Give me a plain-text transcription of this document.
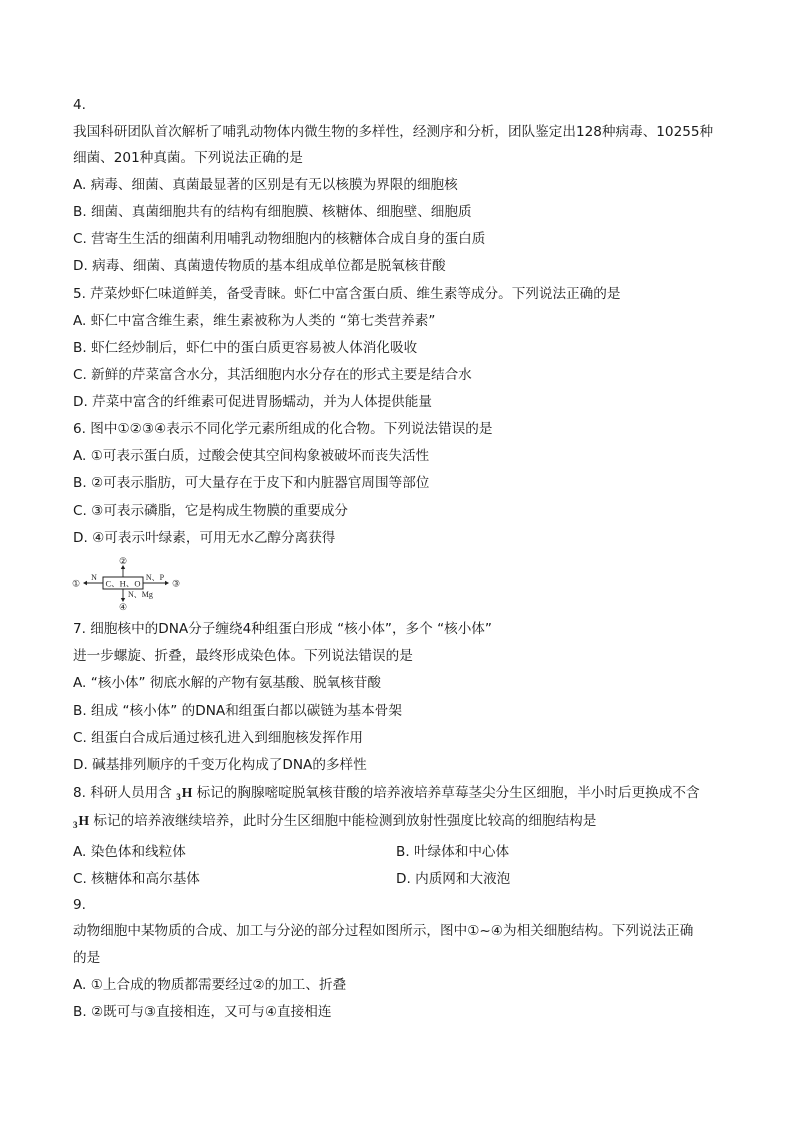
4.
我国科研团队首次解析了哺乳动物体内微生物的多样性，经测序和分析，团队鉴定出128种病毒、10255种
细菌、201种真菌。下列说法正确的是
A. 病毒、细菌、真菌最显著的区别是有无以核膜为界限的细胞核
B. 细菌、真菌细胞共有的结构有细胞膜、核糖体、细胞壁、细胞质
C. 营寄生生活的细菌利用哺乳动物细胞内的核糖体合成自身的蛋白质
D. 病毒、细菌、真菌遗传物质的基本组成单位都是脱氧核苷酸
5. 芹菜炒虾仁味道鲜美，备受青睐。虾仁中富含蛋白质、维生素等成分。下列说法正确的是
A. 虾仁中富含维生素，维生素被称为人类的 “第七类营养素”
B. 虾仁经炒制后，虾仁中的蛋白质更容易被人体消化吸收
C. 新鲜的芹菜富含水分，其活细胞内水分存在的形式主要是结合水
D. 芹菜中富含的纤维素可促进胃肠蠕动，并为人体提供能量
6. 图中①②③④表示不同化学元素所组成的化合物。下列说法错误的是
A. ①可表示蛋白质，过酸会使其空间构象被破坏而丧失活性
B. ②可表示脂肪，可大量存在于皮下和内脏器官周围等部位
C. ③可表示磷脂，它是构成生物膜的重要成分
D. ④可表示叶绿素，可用无水乙醇分离获得
C、H、O
②
N
①
N、P
③
N、Mg
④
7. 细胞核中的DNA分子缠绕4种组蛋白形成 “核小体”，多个 “核小体”
进一步螺旋、折叠，最终形成染色体。下列说法错误的是
A. “核小体” 彻底水解的产物有氨基酸、脱氧核苷酸
B. 组成 “核小体” 的DNA和组蛋白都以碳链为基本骨架
C. 组蛋白合成后通过核孔进入到细胞核发挥作用
D. 碱基排列顺序的千变万化构成了DNA的多样性
8. 科研人员用含 $_3$H 标记的胸腺嘧啶脱氧核苷酸的培养液培养草莓茎尖分生区细胞，半小时后更换成不含
$_3$H 标记的培养液继续培养，此时分生区细胞中能检测到放射性强度比较高的细胞结构是
A. 染色体和线粒体	B. 叶绿体和中心体
C. 核糖体和高尔基体	D. 内质网和大液泡
9.
动物细胞中某物质的合成、加工与分泌的部分过程如图所示，图中①~④为相关细胞结构。下列说法正确
的是
A. ①上合成的物质都需要经过②的加工、折叠
B. ②既可与③直接相连，又可与④直接相连
